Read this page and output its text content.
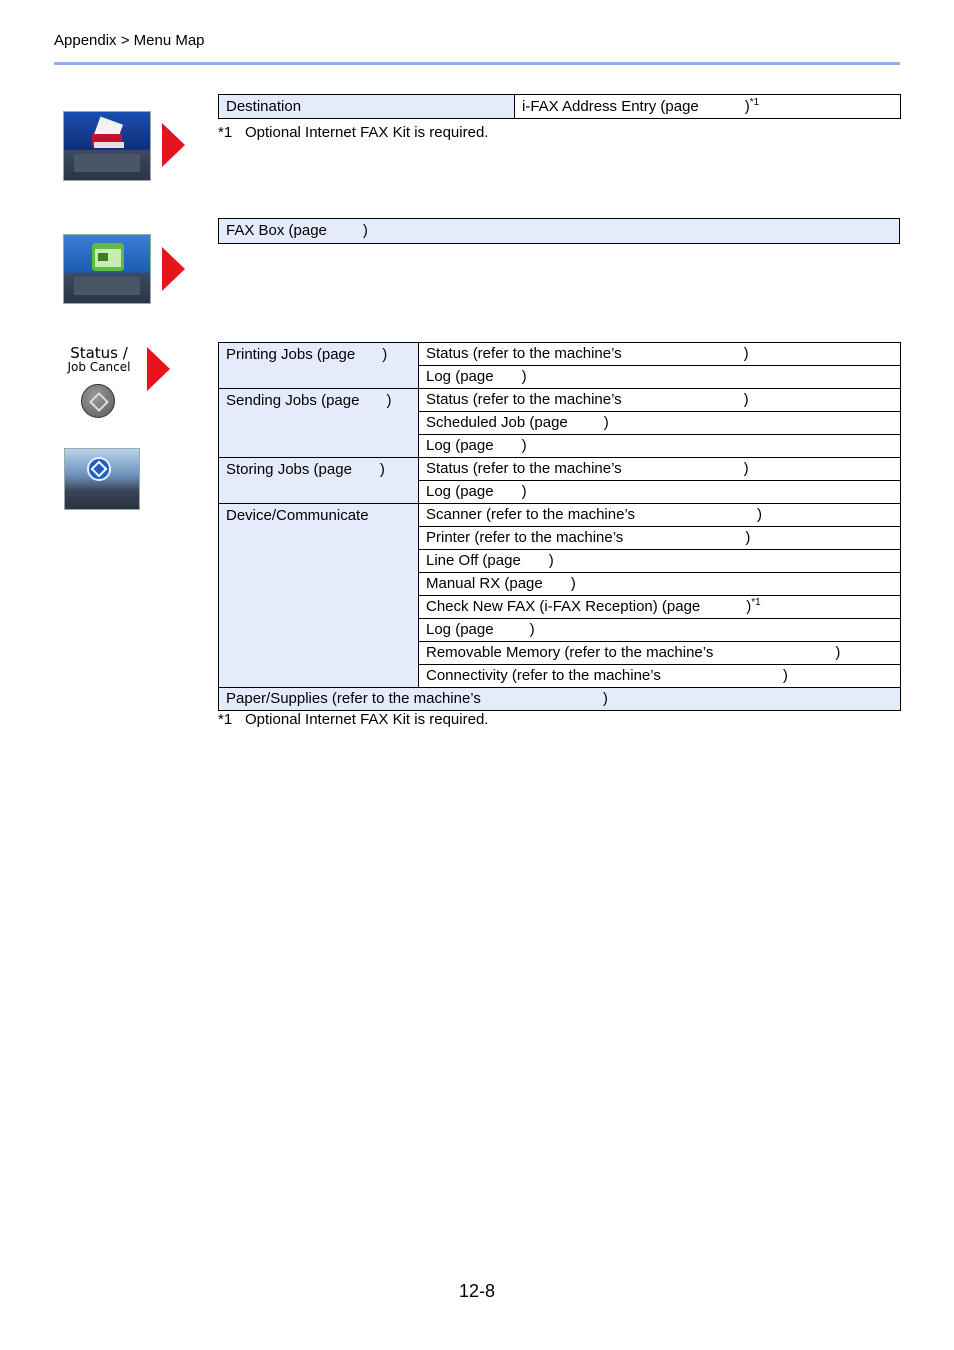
Appendix > Menu Map
Destination	i-FAX Address Entry (page	)$^{*1}$
*1 Optional Internet FAX Kit is required.
FAX Box (page )
Status /
Job Cancel
Printing Jobs (page )	Status (refer to the machine’s )
	Log (page )
Sending Jobs (page )	Status (refer to the machine’s )
	Scheduled Job (page )
	Log (page )
Storing Jobs (page )	Status (refer to the machine’s )
	Log (page )
Device/Communicate	Scanner (refer to the machine’s )
	Printer (refer to the machine’s )
	Line Off (page )
	Manual RX (page )
	Check New FAX (i-FAX Reception) (page )$^{*1}$
	Log (page )
	Removable Memory (refer to the machine’s )
	Connectivity (refer to the machine’s )
Paper/Supplies (refer to the machine’s )	
*1 Optional Internet FAX Kit is required.
12-8
